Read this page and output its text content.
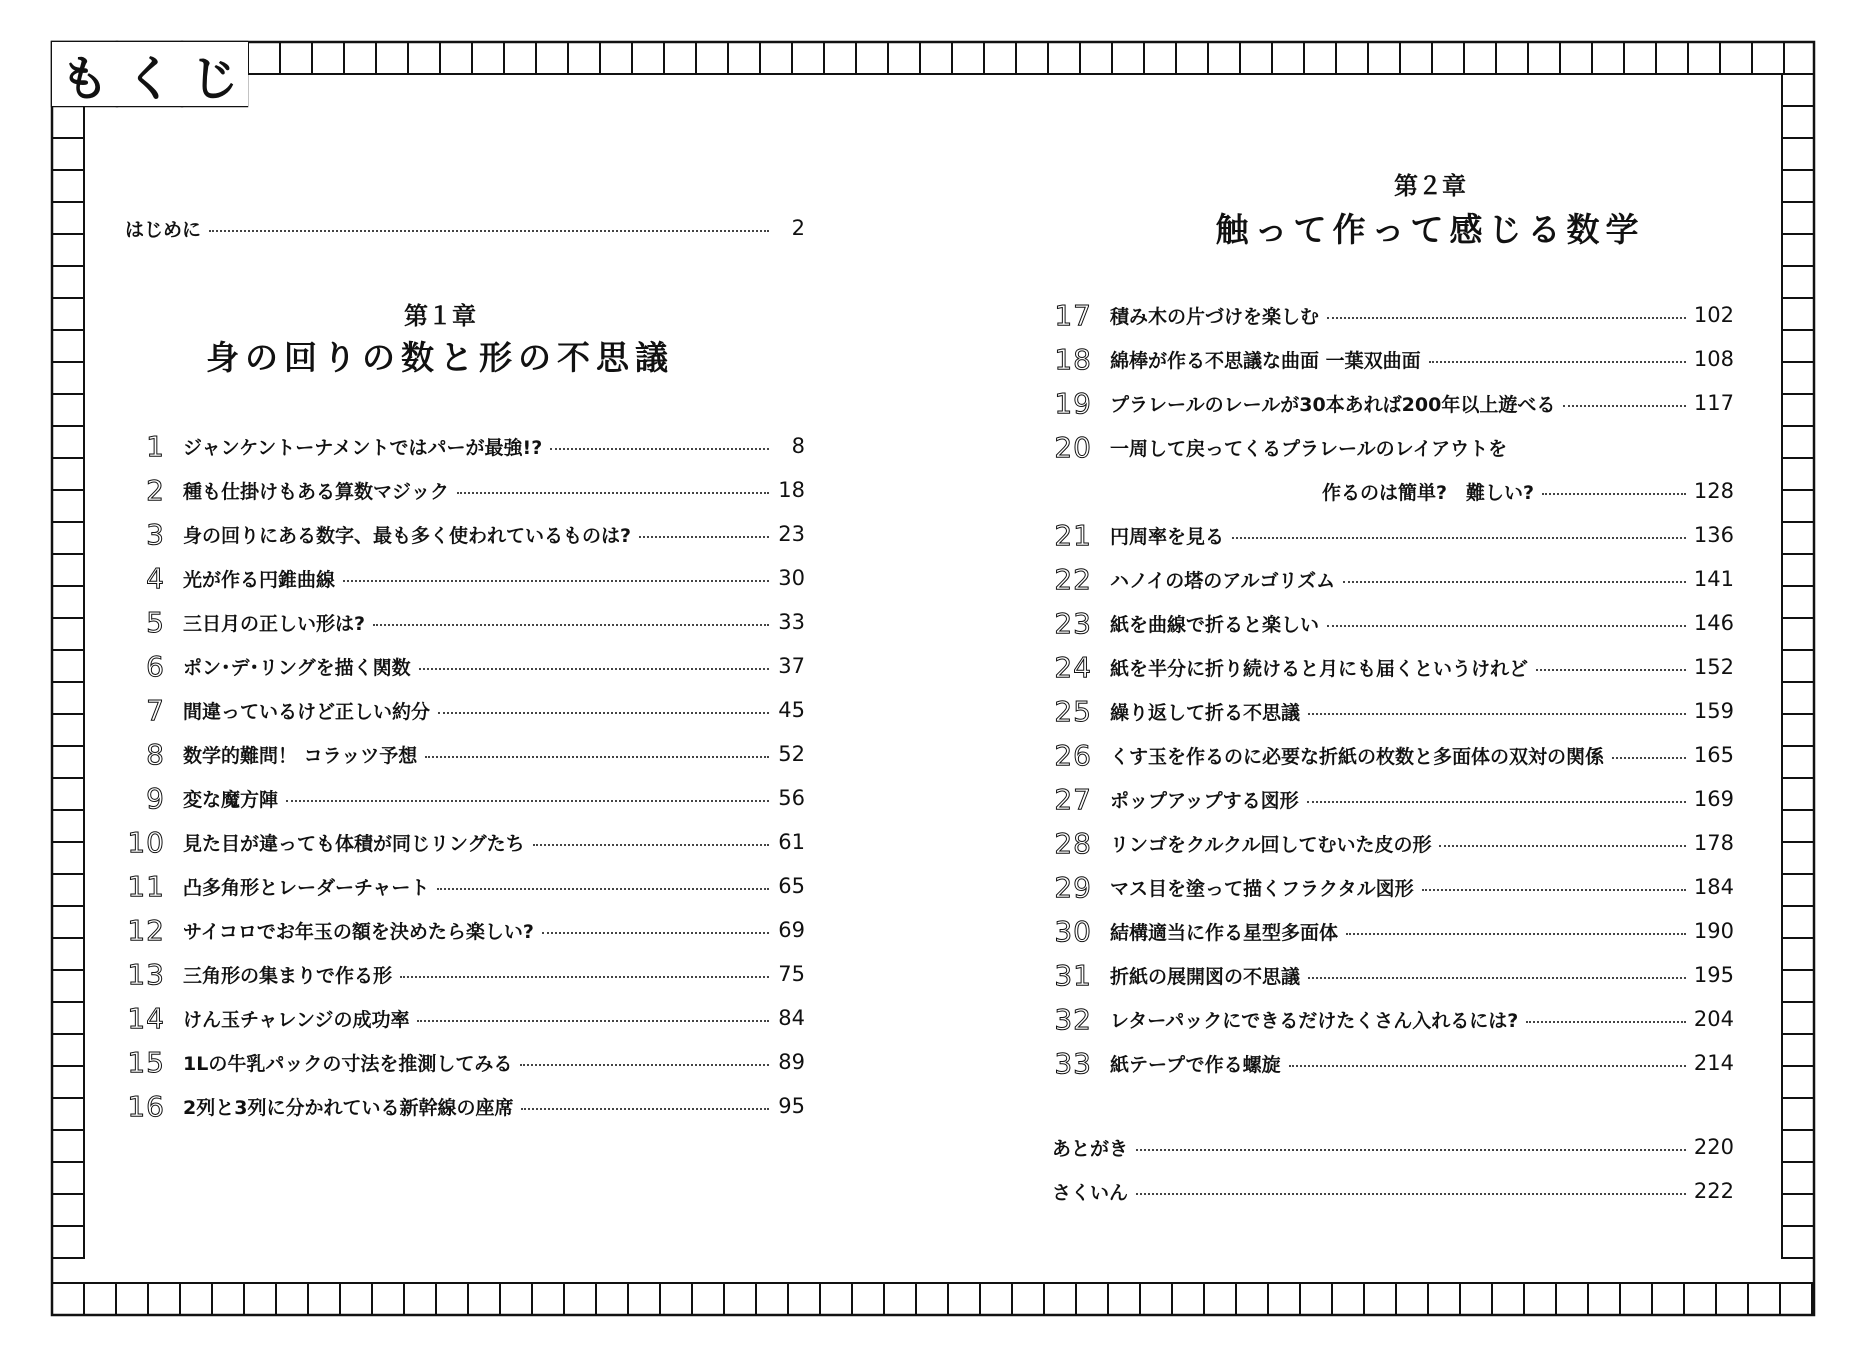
も く じ
はじめに	2
第１章
身の回りの数と形の不思議
1 ジャンケントーナメントではパーが最強!?	8
2 種も仕掛けもある算数マジック	18
3 身の回りにある数字、最も多く使われているものは?	23
4 光が作る円錐曲線	30
5 三日月の正しい形は?	33
6 ポン･デ･リングを描く関数	37
7 間違っているけど正しい約分	45
8 数学的難問！ コラッツ予想	52
9 変な魔方陣	56
10 見た目が違っても体積が同じリングたち	61
11 凸多角形とレーダーチャート	65
12 サイコロでお年玉の額を決めたら楽しい?	69
13 三角形の集まりで作る形	75
14 けん玉チャレンジの成功率	84
15 1Lの牛乳パックの寸法を推測してみる	89
16 2列と3列に分かれている新幹線の座席	95
第２章
触って作って感じる数学
17 積み木の片づけを楽しむ	102
18 綿棒が作る不思議な曲面 一葉双曲面	108
19 プラレールのレールが30本あれば200年以上遊べる	117
20 一周して戻ってくるプラレールのレイアウトを
作るのは簡単?　難しい?	128
21 円周率を見る	136
22 ハノイの塔のアルゴリズム	141
23 紙を曲線で折ると楽しい	146
24 紙を半分に折り続けると月にも届くというけれど	152
25 繰り返して折る不思議	159
26 くす玉を作るのに必要な折紙の枚数と多面体の双対の関係	165
27 ポップアップする図形	169
28 リンゴをクルクル回してむいた皮の形	178
29 マス目を塗って描くフラクタル図形	184
30 結構適当に作る星型多面体	190
31 折紙の展開図の不思議	195
32 レターパックにできるだけたくさん入れるには?	204
33 紙テープで作る螺旋	214
あとがき	220
さくいん	222
